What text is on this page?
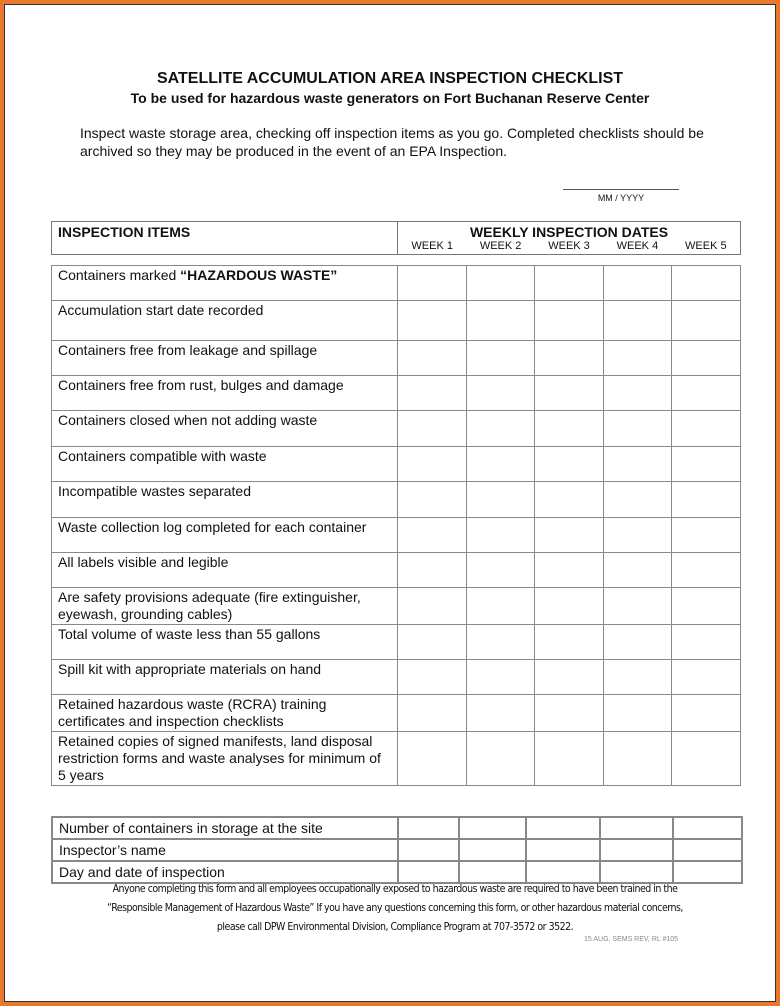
SATELLITE ACCUMULATION AREA INSPECTION CHECKLIST
To be used for hazardous waste generators on Fort Buchanan Reserve Center
Inspect waste storage area, checking off inspection items as you go. Completed checklists should be archived so they may be produced in the event of an EPA Inspection.
MM / YYYY
INSPECTION ITEMS	WEEKLY INSPECTION DATES
WEEK 1	WEEK 2	WEEK 3	WEEK 4	WEEK 5
Containers marked “HAZARDOUS WASTE”					
Accumulation start date recorded					
Containers free from leakage and spillage					
Containers free from rust, bulges and damage					
Containers closed when not adding waste					
Containers compatible with waste					
Incompatible wastes separated					
Waste collection log completed for each container					
All labels visible and legible					
Are safety provisions adequate (fire extinguisher, eyewash, grounding cables)					
Total volume of waste less than 55 gallons					
Spill kit with appropriate materials on hand					
Retained hazardous waste (RCRA) training certificates and inspection checklists					
Retained copies of signed manifests, land disposal restriction forms and waste analyses for minimum of 5 years					
Number of containers in storage at the site					
Inspector’s name					
Day and date of inspection					
Anyone completing this form and all employees occupationally exposed to hazardous waste are required to have been trained in the “Responsible Management of Hazardous Waste” If you have any questions concerning this form, or other hazardous material concerns, please call DPW Environmental Division, Compliance Program at 707-3572 or 3522.
15 AUG, SEMS REV, RL #105
